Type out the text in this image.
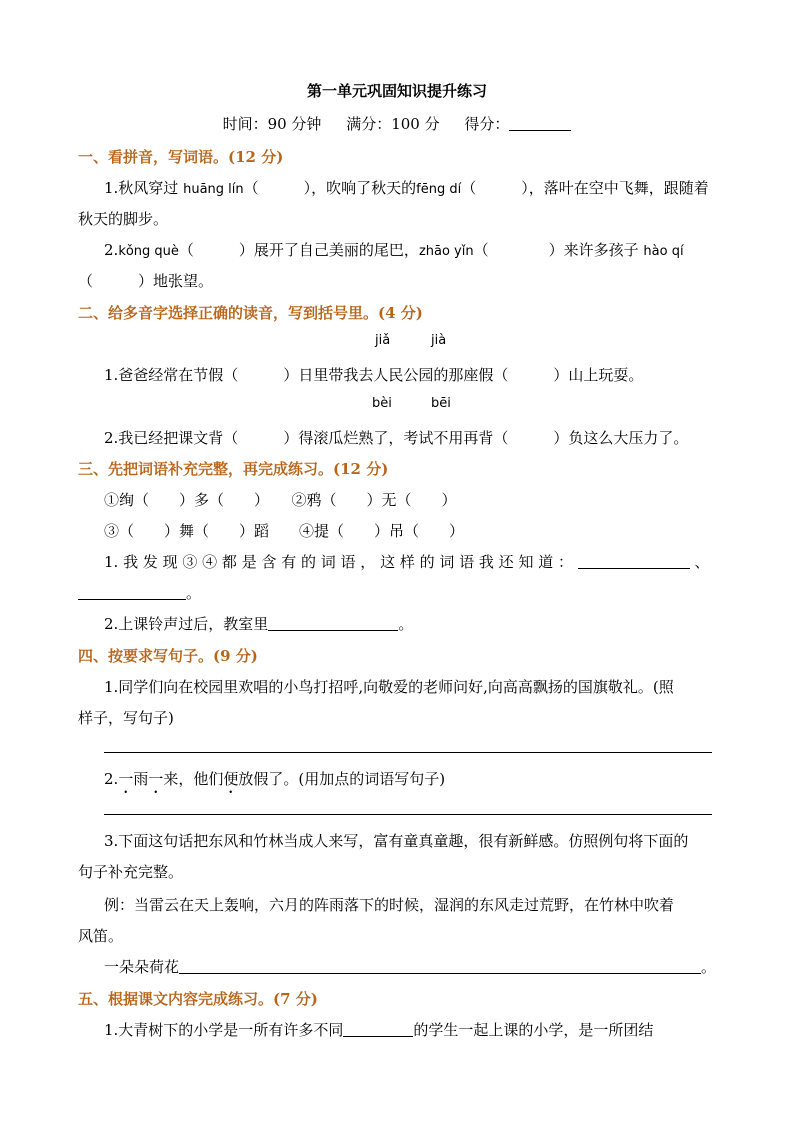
第一单元巩固知识提升练习
时间：90 分钟 满分：100 分 得分：
一、看拼音，写词语。(12 分)
1.秋风穿过 huāng lín（　　　），吹响了秋天的fēng dí（　　　），落叶在空中飞舞，跟随着
秋天的脚步。
2.kǒng què（　　　）展开了自己美丽的尾巴，zhāo yǐn（　　　　）来许多孩子 hào qí
（　　　）地张望。
二、给多音字选择正确的读音，写到括号里。(4 分)
jiǎ	jià
1.爸爸经常在节假（　　　）日里带我去人民公园的那座假（　　　）山上玩耍。
bèi	bēi
2.我已经把课文背（　　　）得滚瓜烂熟了，考试不用再背（　　　）负这么大压力了。
三、先把词语补充完整，再完成练习。(12 分)
①绚（　　）多（　　）　　②鸦（　　）无（　　）
③（　　）舞（　　）蹈　　④提（　　）吊（　　）
1. 我 发 现 ③ ④ 都 是 含 有 的 词 语 ， 这 样 的 词 语 我 还 知 道 ：	、
。
2.上课铃声过后，教室里	。
四、按要求写句子。(9 分)
1.同学们向在校园里欢唱的小鸟打招呼,向敬爱的老师问好,向高高飘扬的国旗敬礼。(照
样子，写句子)
2.一雨一来，他们便放假了。(用加点的词语写句子)
3.下面这句话把东风和竹林当成人来写，富有童真童趣，很有新鲜感。仿照例句将下面的
句子补充完整。
例：当雷云在天上轰响，六月的阵雨落下的时候，湿润的东风走过荒野，在竹林中吹着
风笛。
一朵朵荷花	。
五、根据课文内容完成练习。(7 分)
1.大青树下的小学是一所有许多不同	的学生一起上课的小学，是一所团结
